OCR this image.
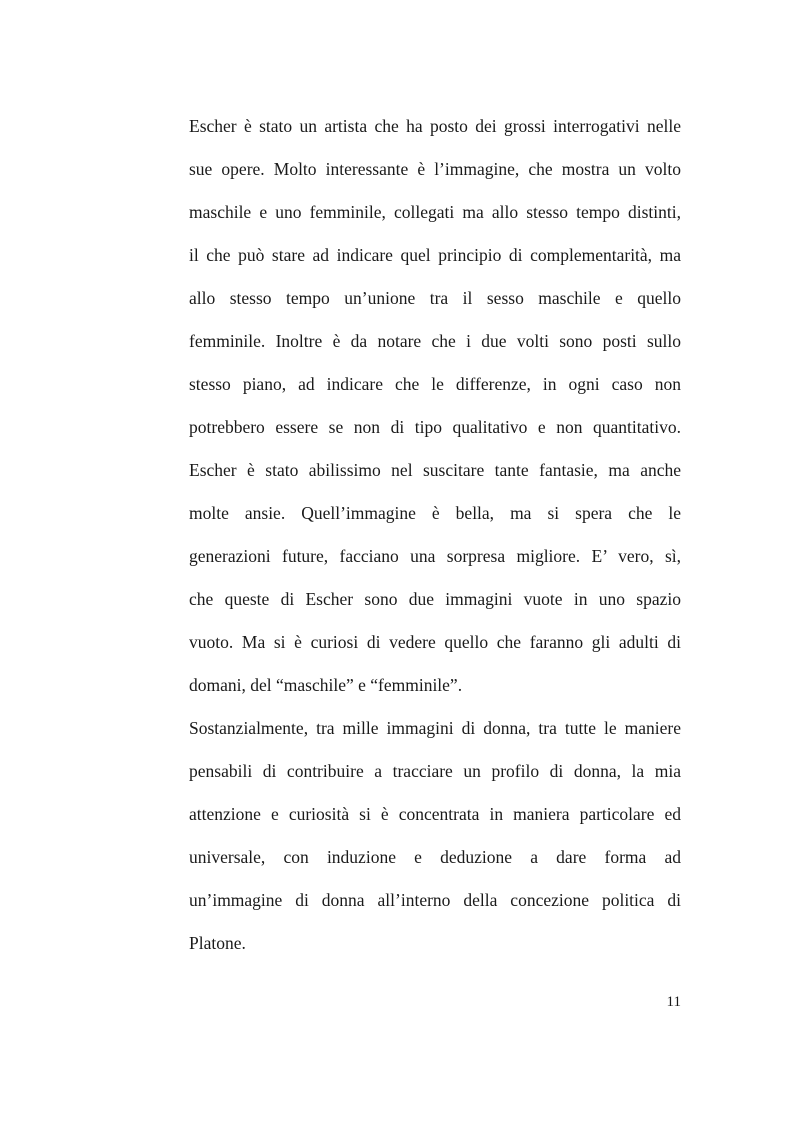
Escher è stato un artista che ha posto dei grossi interrogativi nelle
sue opere. Molto interessante è l’immagine, che mostra un volto
maschile e uno femminile, collegati ma allo stesso tempo distinti,
il che può stare ad indicare quel principio di complementarità, ma
allo stesso tempo un’unione tra il sesso maschile e quello
femminile. Inoltre è da notare che i due volti sono posti sullo
stesso piano, ad indicare che le differenze, in ogni caso non
potrebbero essere se non di tipo qualitativo e non quantitativo.
Escher è stato abilissimo nel suscitare tante fantasie, ma anche
molte ansie. Quell’immagine è bella, ma si spera che le
generazioni future, facciano una sorpresa migliore. E’ vero, sì,
che queste di Escher sono due immagini vuote in uno spazio
vuoto. Ma si è curiosi di vedere quello che faranno gli adulti di
domani, del “maschile” e “femminile”.
Sostanzialmente, tra mille immagini di donna, tra tutte le maniere
pensabili di contribuire a tracciare un profilo di donna, la mia
attenzione e curiosità si è concentrata in maniera particolare ed
universale, con induzione e deduzione a dare forma ad
un’immagine di donna all’interno della concezione politica di
Platone.
11
